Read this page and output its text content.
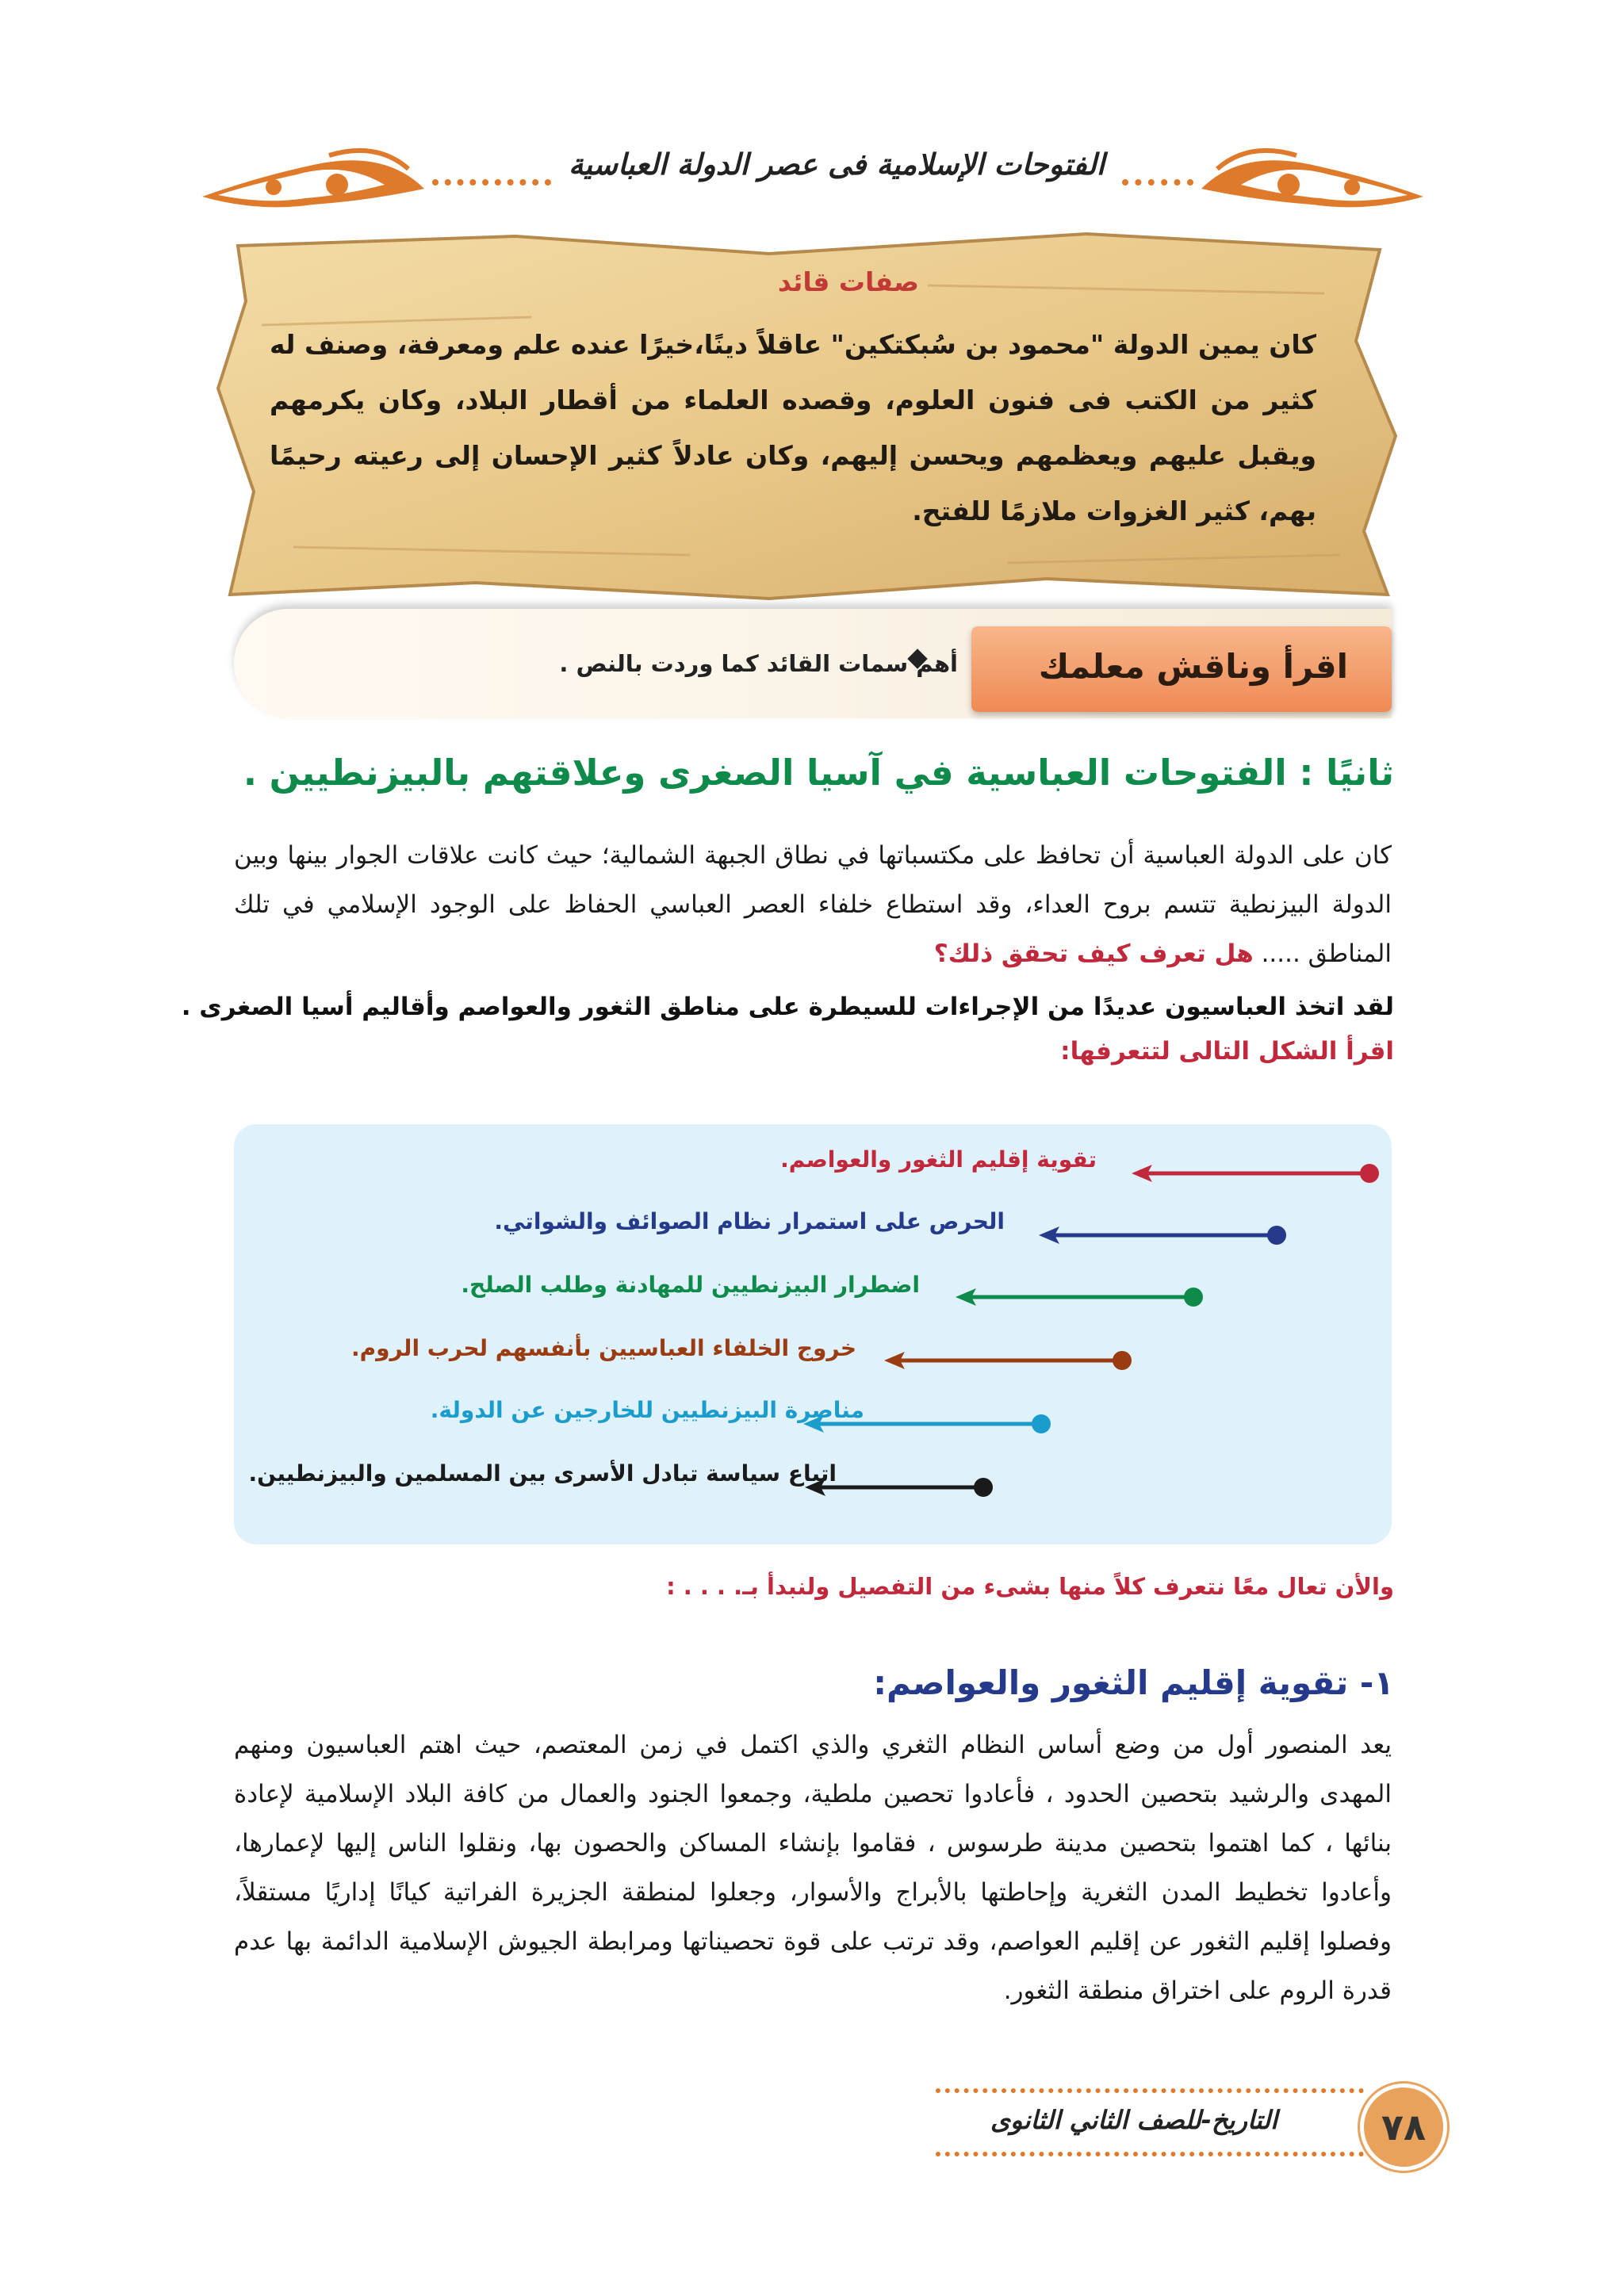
الفتوحات الإسلامية فى عصر الدولة العباسية
صفات قائد
كان يمين الدولة "محمود بن سُبكتكين" عاقلاً دينًا،خيرًا عنده علم ومعرفة، وصنف له كثير من الكتب فى فنون العلوم، وقصده العلماء من أقطار البلاد، وكان يكرمهم ويقبل عليهم ويعظمهم ويحسن إليهم، وكان عادلاً كثير الإحسان إلى رعيته رحيمًا بهم، كثير الغزوات ملازمًا للفتح.
اقرأ وناقش معلمك
أهم سمات القائد كما وردت بالنص .
ثانيًا : الفتوحات العباسية في آسيا الصغرى وعلاقتهم بالبيزنطيين .
كان على الدولة العباسية أن تحافظ على مكتسباتها في نطاق الجبهة الشمالية؛ حيث كانت علاقات الجوار بينها وبين الدولة البيزنطية تتسم بروح العداء، وقد استطاع خلفاء العصر العباسي الحفاظ على الوجود الإسلامي في تلك المناطق ..... هل تعرف كيف تحقق ذلك؟
لقد اتخذ العباسيون عديدًا من الإجراءات للسيطرة على مناطق الثغور والعواصم وأقاليم أسيا الصغرى .
اقرأ الشكل التالى لتتعرفها:
تقوية إقليم الثغور والعواصم.
الحرص على استمرار نظام الصوائف والشواتي.
اضطرار البيزنطيين للمهادنة وطلب الصلح.
خروج الخلفاء العباسيين بأنفسهم لحرب الروم.
مناصرة البيزنطيين للخارجين عن الدولة.
اتباع سياسة تبادل الأسرى بين المسلمين والبيزنطيين.
والأن تعال معًا نتعرف كلاً منها بشىء من التفصيل ولنبدأ بـ. . . . :
١- تقوية إقليم الثغور والعواصم:
يعد المنصور أول من وضع أساس النظام الثغري والذي اكتمل في زمن المعتصم، حيث اهتم العباسيون ومنهم المهدى والرشيد بتحصين الحدود ، فأعادوا تحصين ملطية، وجمعوا الجنود والعمال من كافة البلاد الإسلامية لإعادة بنائها ، كما اهتموا بتحصين مدينة طرسوس ، فقاموا بإنشاء المساكن والحصون بها، ونقلوا الناس إليها لإعمارها، وأعادوا تخطيط المدن الثغرية وإحاطتها بالأبراج والأسوار، وجعلوا لمنطقة الجزيرة الفراتية كيانًا إداريًا مستقلاً، وفصلوا إقليم الثغور عن إقليم العواصم، وقد ترتب على قوة تحصيناتها ومرابطة الجيوش الإسلامية الدائمة بها عدم قدرة الروم على اختراق منطقة الثغور.
التاريخ-للصف الثاني الثانوى	٧٨
